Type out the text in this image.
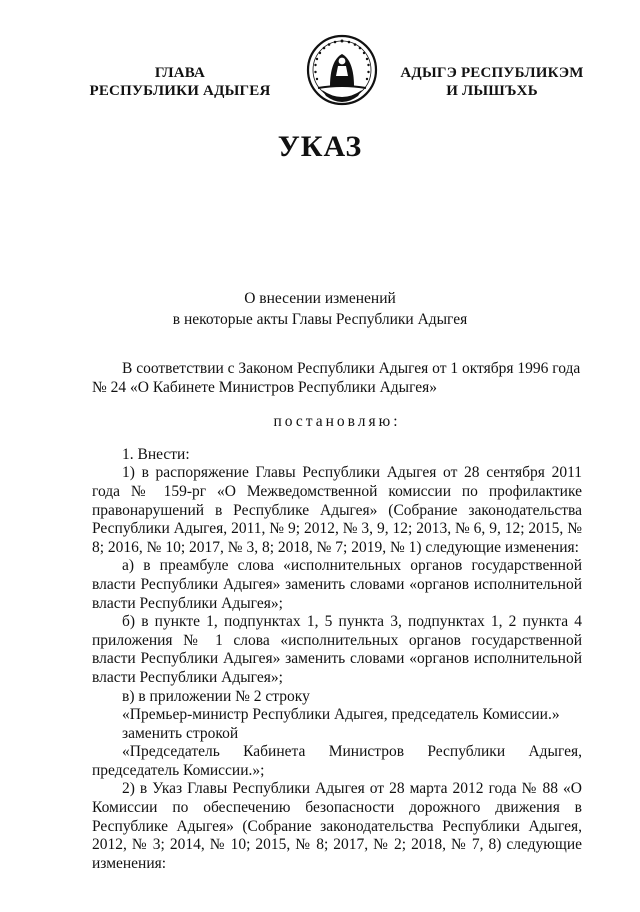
ГЛАВА
РЕСПУБЛИКИ АДЫГЕЯ
АДЫГЭ РЕСПУБЛИКЭМ
И ЛЫШЪХЬ
УКАЗ
О внесении изменений
в некоторые акты Главы Республики Адыгея

В соответствии с Законом Республики Адыгея от 1 октября 1996 года

№ 24 «О Кабинете Министров Республики Адыгея»

постановляю:

1. Внести:

1) в распоряжение Главы Республики Адыгея от 28 сентября 2011 года № 159-рг «О Межведомственной комиссии по профилактике правонарушений в Республике Адыгея» (Собрание законодательства Республики Адыгея, 2011, № 9; 2012, № 3, 9, 12; 2013, № 6, 9, 12; 2015, № 8; 2016, № 10; 2017, № 3, 8; 2018, № 7; 2019, № 1) следующие изменения:

а) в преамбуле слова «исполнительных органов государственной власти Республики Адыгея» заменить словами «органов исполнительной власти Республики Адыгея»;

б) в пункте 1, подпунктах 1, 5 пункта 3, подпунктах 1, 2 пункта 4 приложения № 1 слова «исполнительных органов государственной власти Республики Адыгея» заменить словами «органов исполнительной власти Республики Адыгея»;

в) в приложении № 2 строку

«Премьер-министр Республики Адыгея, председатель Комиссии.»

заменить строкой

«Председатель Кабинета Министров Республики Адыгея, председатель Комиссии.»;

2) в Указ Главы Республики Адыгея от 28 марта 2012 года № 88 «О Комиссии по обеспечению безопасности дорожного движения в Республике Адыгея» (Собрание законодательства Республики Адыгея, 2012, № 3; 2014, № 10; 2015, № 8; 2017, № 2; 2018, № 7, 8) следующие изменения:
